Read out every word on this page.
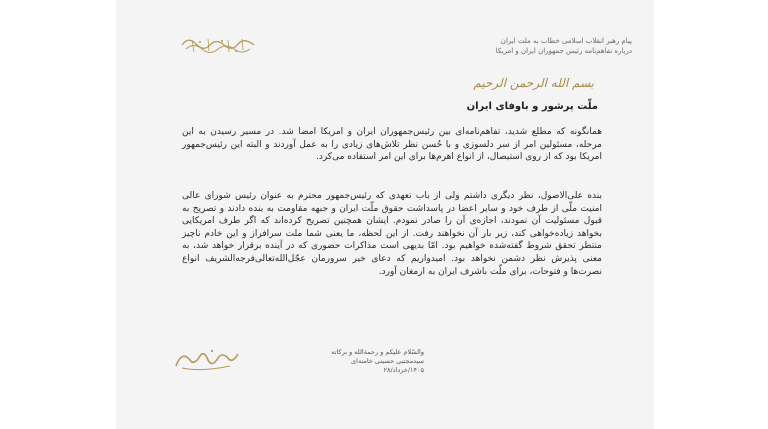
پیام رهبر انقلاب اسلامی خطاب به ملت ایران
درباره تفاهم‌نامه رئیس جمهوران ایران و امریکا
بسم الله الرحمن الرحیم
ملّت پرشور و باوفای ایران
همانگونه که مطلع شدید، تفاهم‌نامه‌ای بین رئیس‌جمهوران ایران و امریکا امضا شد. در مسیر رسیدن به این مرحله، مسئولین امر از سر دلسوزی و با حُسن نظر تلاش‌های زیادی را به عمل آوردند و البته این رئیس‌جمهور امریکا بود که از روی استیصال، از انواع اهرم‌ها برای این امر استفاده می‌کرد.
بنده علی‌الاصول، نظر دیگری داشتم ولی از باب تعهدی که رئیس‌جمهور محترم به عنوان رئیس شورای عالی امنیت ملّی از طرف خود و سایر اعضا در پاسداشت حقوق ملّت ایران و جبهه مقاومت به بنده دادند و تصریح به قبول مسئولیت آن نمودند، اجازه‌ی آن را صادر نمودم. ایشان همچنین تصریح کرده‌اند که اگر طرف امریکایی بخواهد زیاده‌خواهی کند، زیر بار آن نخواهند رفت. از این لحظه، ما یعنی شما ملت سرافراز و این خادم ناچیز منتظر تحقق شروط گفته‌شده خواهیم بود. امّا بدیهی است مذاکرات حضوری که در آینده برقرار خواهد شد، به معنی پذیرش نظر دشمن نخواهد بود. امیدواریم که دعای خیر سرورمان عجّل‌الله‌تعالی‌فرجه‌الشریف انواع نصرت‌ها و فتوحات، برای ملّت باشرف ایران به ارمغان آورد.
والسّلام علیکم و رحمة‌الله و برکاته
سیدمجتبی حسینی خامنه‌ای
۱۴۰۵/خرداد/۲۸
